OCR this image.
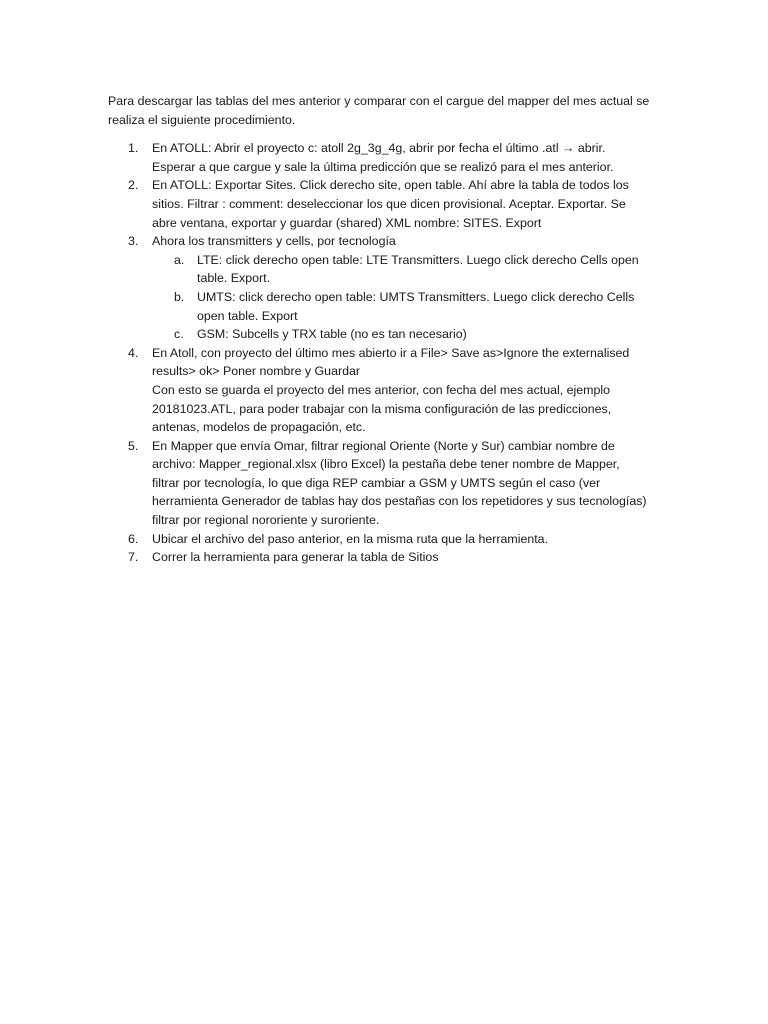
Para descargar las tablas del mes anterior y comparar con el cargue del mapper del mes actual se
realiza el siguiente procedimiento.

1. En ATOLL: Abrir el proyecto c: atoll 2g_3g_4g, abrir por fecha el último .atl → abrir.
Esperar a que cargue y sale la última predicción que se realizó para el mes anterior.
2. En ATOLL: Exportar Sites. Click derecho site, open table. Ahí abre la tabla de todos los
sitios. Filtrar : comment: deseleccionar los que dicen provisional. Aceptar. Exportar. Se
abre ventana, exportar y guardar (shared) XML nombre: SITES. Export
3. Ahora los transmitters y cells, por tecnología
a. LTE: click derecho open table: LTE Transmitters. Luego click derecho Cells open
table. Export.
b. UMTS: click derecho open table: UMTS Transmitters. Luego click derecho Cells
open table. Export
c. GSM: Subcells y TRX table (no es tan necesario)
4. En Atoll, con proyecto del último mes abierto ir a File> Save as>Ignore the externalised
results> ok> Poner nombre y Guardar
Con esto se guarda el proyecto del mes anterior, con fecha del mes actual, ejemplo
20181023.ATL, para poder trabajar con la misma configuración de las predicciones,
antenas, modelos de propagación, etc.
5. En Mapper que envía Omar, filtrar regional Oriente (Norte y Sur) cambiar nombre de
archivo: Mapper_regional.xlsx (libro Excel) la pestaña debe tener nombre de Mapper,
filtrar por tecnología, lo que diga REP cambiar a GSM y UMTS según el caso (ver
herramienta Generador de tablas hay dos pestañas con los repetidores y sus tecnologías)
filtrar por regional nororiente y suroriente.
6. Ubicar el archivo del paso anterior, en la misma ruta que la herramienta.
7. Correr la herramienta para generar la tabla de Sitios
